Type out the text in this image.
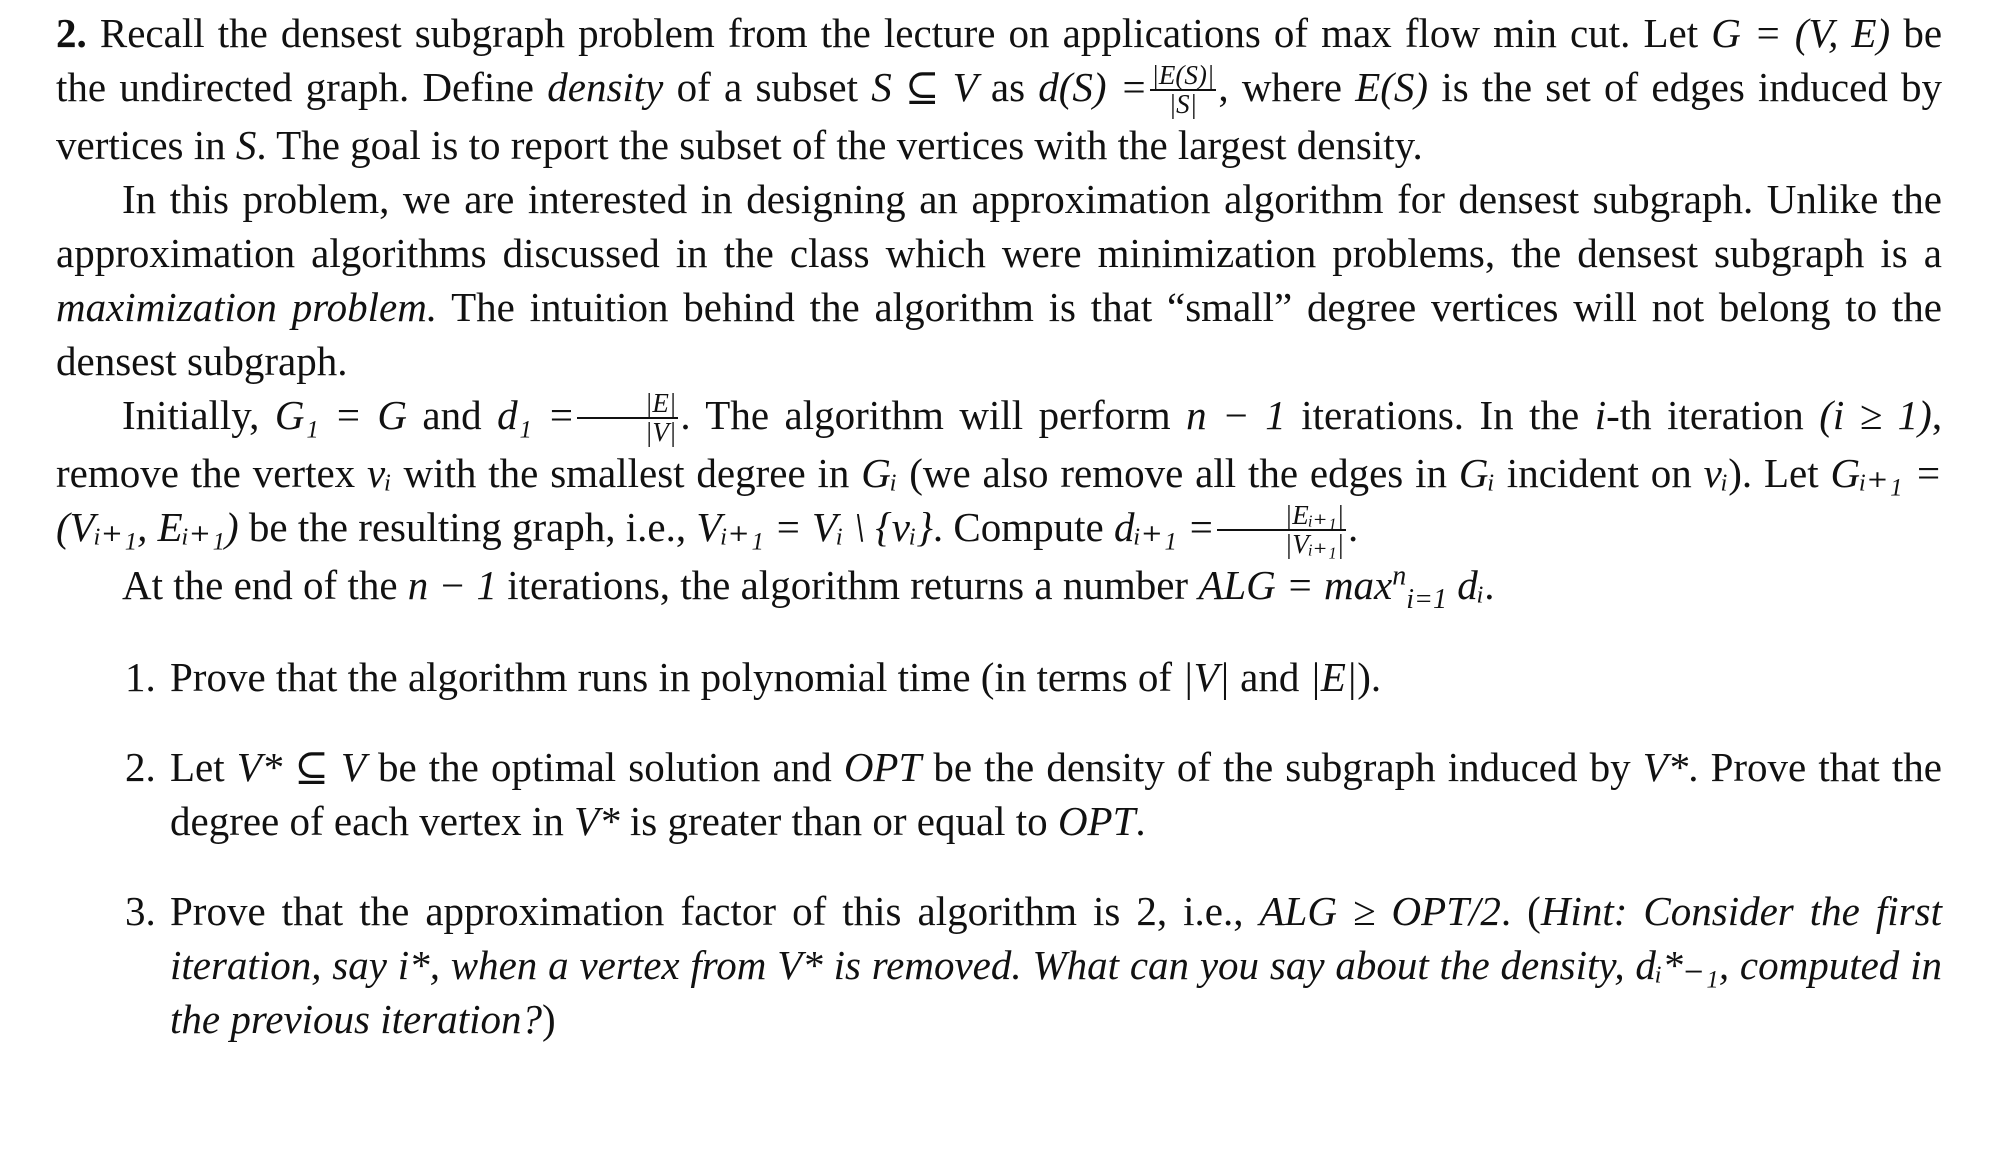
2. Recall the densest subgraph problem from the lecture on applications of max flow min cut. Let G = (V, E) be the undirected graph. Define density of a subset S ⊆ V as $d(S) = \frac{|E(S)|}{|S|}$ , where E(S) is the set of edges induced by vertices in S. The goal is to report the subset of the vertices with the largest density.

In this problem, we are interested in designing an approximation algorithm for densest subgraph. Unlike the approximation algorithms discussed in the class which were minimization problems, the densest subgraph is a maximization problem. The intuition behind the algorithm is that “small” degree vertices will not belong to the densest subgraph.

Initially, G₁ = G and $d_1 = \frac{|E|}{|V|}$ . The algorithm will perform n − 1 iterations. In the i-th iteration (i ≥ 1), remove the vertex vᵢ with the smallest degree in Gᵢ (we also remove all the edges in Gᵢ incident on vᵢ). Let Gᵢ₊₁ = (Vᵢ₊₁, Eᵢ₊₁) be the resulting graph, i.e., Vᵢ₊₁ = Vᵢ \ {vᵢ}. Compute dᵢ₊₁ = $\frac{\text{|Eᵢ₊₁|}}{\text{|Vᵢ₊₁|}}$ .

At the end of the n − 1 iterations, the algorithm returns a number ALG = $\max^n_{i=1}$ dᵢ.

1. Prove that the algorithm runs in polynomial time (in terms of |V| and |E|).
2. Let V* ⊆ V be the optimal solution and OPT be the density of the subgraph induced by V*. Prove that the degree of each vertex in V* is greater than or equal to OPT.
3. Prove that the approximation factor of this algorithm is 2, i.e., ALG ≥ OPT/2. (Hint: Consider the first iteration, say i*, when a vertex from V* is removed. What can you say about the density, dᵢ*₋₁, computed in the previous iteration?)
